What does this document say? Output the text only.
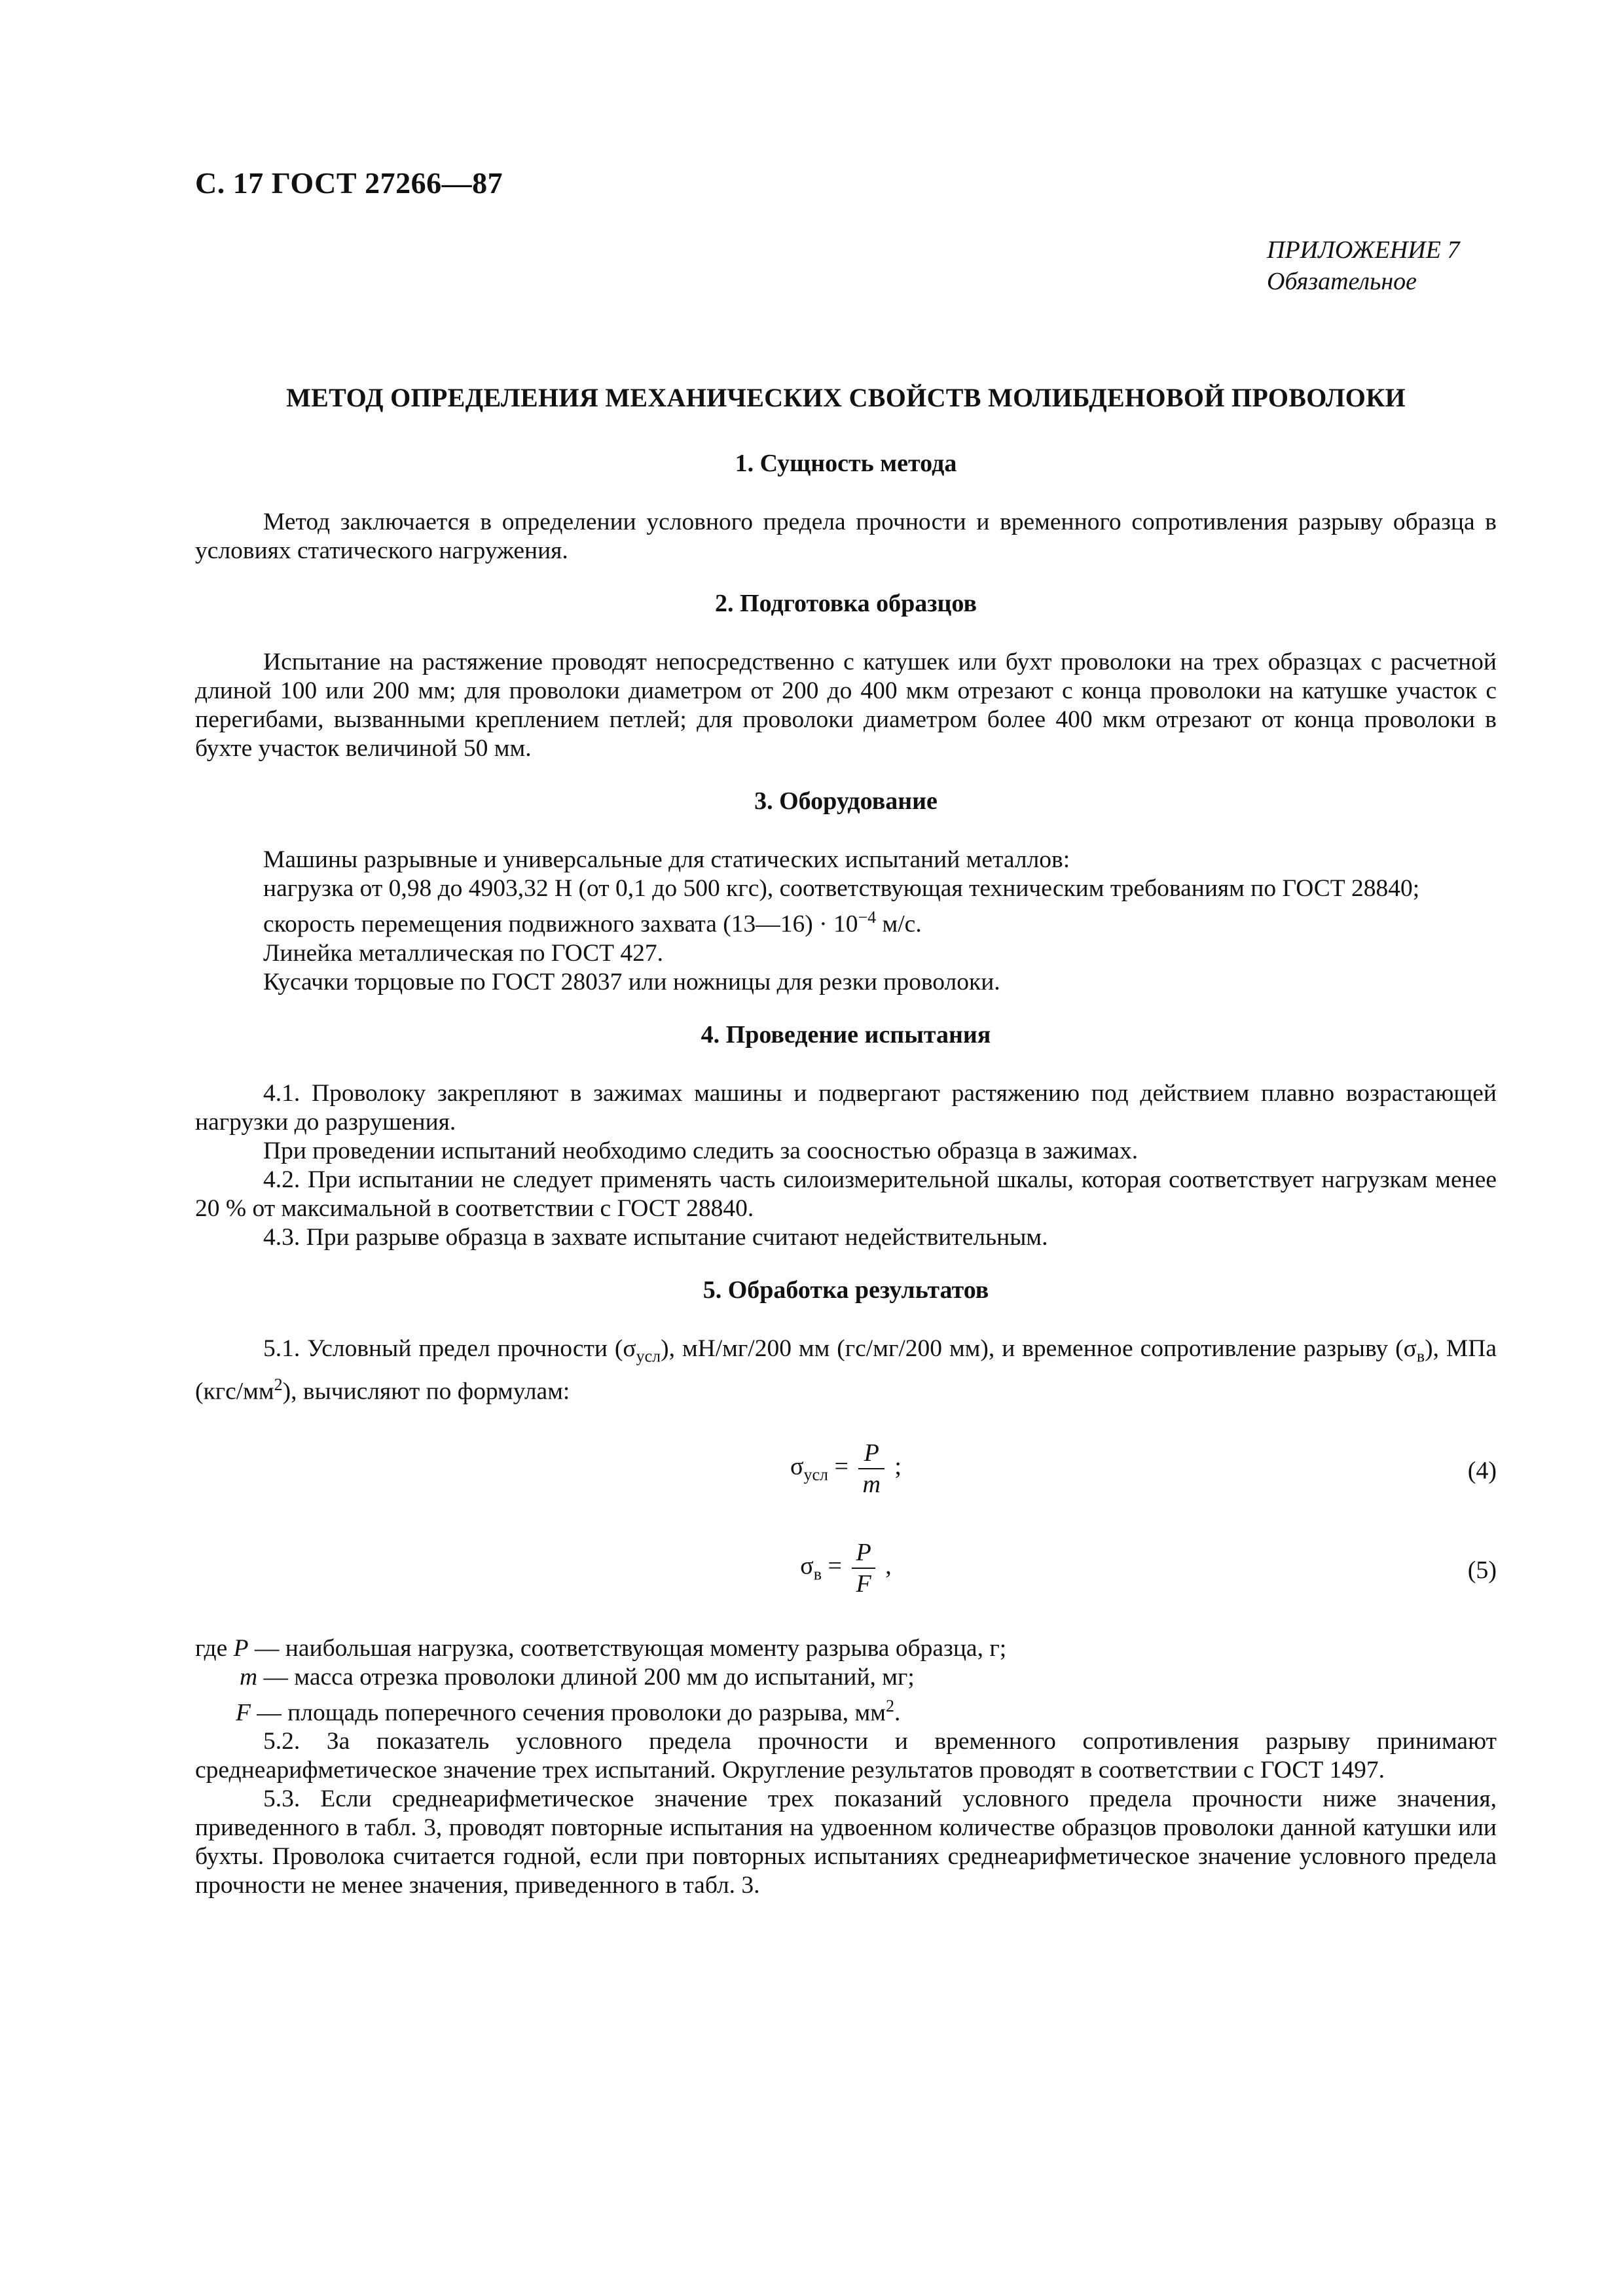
С. 17 ГОСТ 27266—87
ПРИЛОЖЕНИЕ 7
Обязательное
МЕТОД ОПРЕДЕЛЕНИЯ МЕХАНИЧЕСКИХ СВОЙСТВ МОЛИБДЕНОВОЙ ПРОВОЛОКИ
1. Сущность метода

Метод заключается в определении условного предела прочности и временного сопротивления разрыву образца в условиях статического нагружения.

2. Подготовка образцов

Испытание на растяжение проводят непосредственно с катушек или бухт проволоки на трех образцах с расчетной длиной 100 или 200 мм; для проволоки диаметром от 200 до 400 мкм отрезают с конца проволоки на катушке участок с перегибами, вызванными креплением петлей; для проволоки диаметром более 400 мкм отрезают от конца проволоки в бухте участок величиной 50 мм.

3. Оборудование

Машины разрывные и универсальные для статических испытаний металлов:

нагрузка от 0,98 до 4903,32 Н (от 0,1 до 500 кгс), соответствующая техническим требованиям по ГОСТ 28840;

скорость перемещения подвижного захвата (13—16) · $10^{-4}$ м/с.

Линейка металлическая по ГОСТ 427.

Кусачки торцовые по ГОСТ 28037 или ножницы для резки проволоки.

4. Проведение испытания

4.1. Проволоку закрепляют в зажимах машины и подвергают растяжению под действием плавно возрастающей нагрузки до разрушения.

При проведении испытаний необходимо следить за соосностью образца в зажимах.

4.2. При испытании не следует применять часть силоизмерительной шкалы, которая соответствует нагрузкам менее 20 % от максимальной в соответствии с ГОСТ 28840.

4.3. При разрыве образца в захвате испытание считают недействительным.

5. Обработка результатов

5.1. Условный предел прочности $(\sigma_{усл})$, мН/мг/200 мм (гс/мг/200 мм), и временное сопротивление разрыву $(\sigma_в)$, МПа $(кгс/мм^2)$, вычисляют по формулам:

$\sigma_{усл} = \frac{P}{m}$ ;	(4)
$\sigma_в = \frac{P}{F}$ ,	(5)

где P — наибольшая нагрузка, соответствующая моменту разрыва образца, г;

m — масса отрезка проволоки длиной 200 мм до испытаний, мг;

F — площадь поперечного сечения проволоки до разрыва, $мм^2$.

5.2. За показатель условного предела прочности и временного сопротивления разрыву принимают среднеарифметическое значение трех испытаний. Округление результатов проводят в соответствии с ГОСТ 1497.

5.3. Если среднеарифметическое значение трех показаний условного предела прочности ниже значения, приведенного в табл. 3, проводят повторные испытания на удвоенном количестве образцов проволоки данной катушки или бухты. Проволока считается годной, если при повторных испытаниях среднеарифметическое значение условного предела прочности не менее значения, приведенного в табл. 3.
